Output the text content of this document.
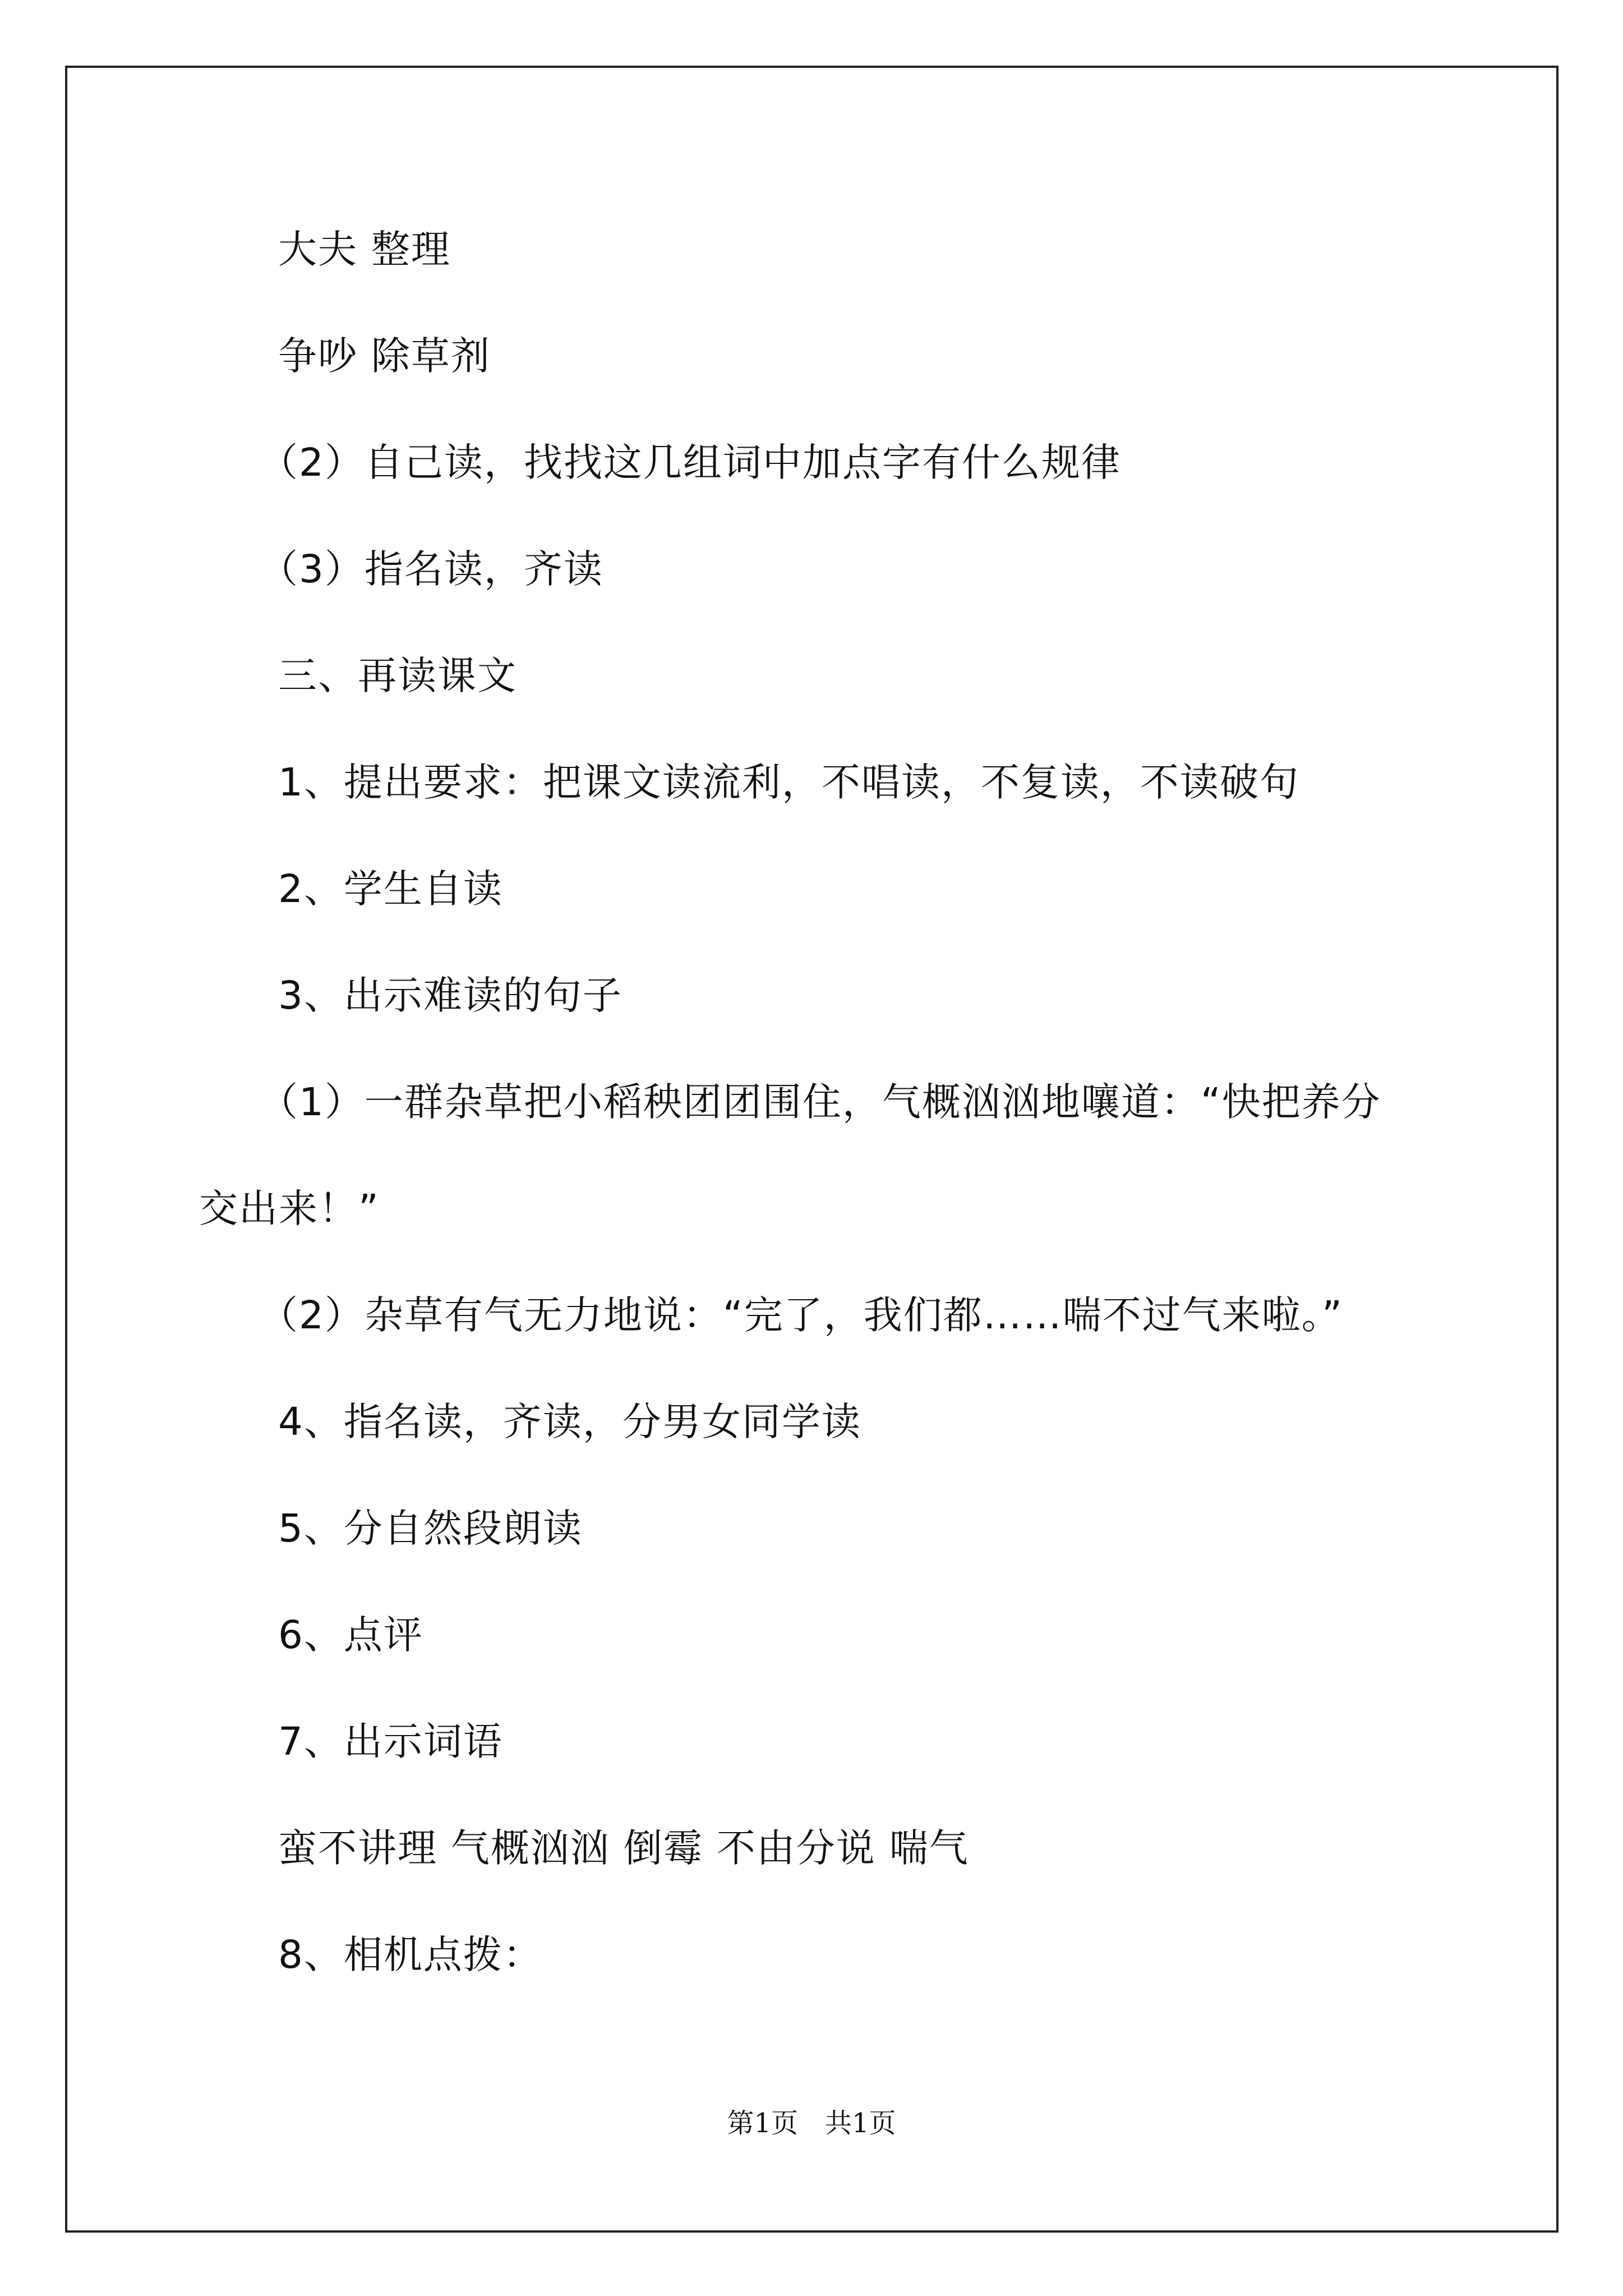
大夫 整理
争吵 除草剂
（2）自己读，找找这几组词中加点字有什么规律
（3）指名读，齐读
三、再读课文
1、提出要求：把课文读流利，不唱读，不复读，不读破句
2、学生自读
3、出示难读的句子
（1）一群杂草把小稻秧团团围住，气概汹汹地嚷道：“快把养分
交出来！”
（2）杂草有气无力地说：“完了，我们都……喘不过气来啦。”
4、指名读，齐读，分男女同学读
5、分自然段朗读
6、点评
7、出示词语
蛮不讲理 气概汹汹 倒霉 不由分说 喘气
8、相机点拨：
第1页　共1页
